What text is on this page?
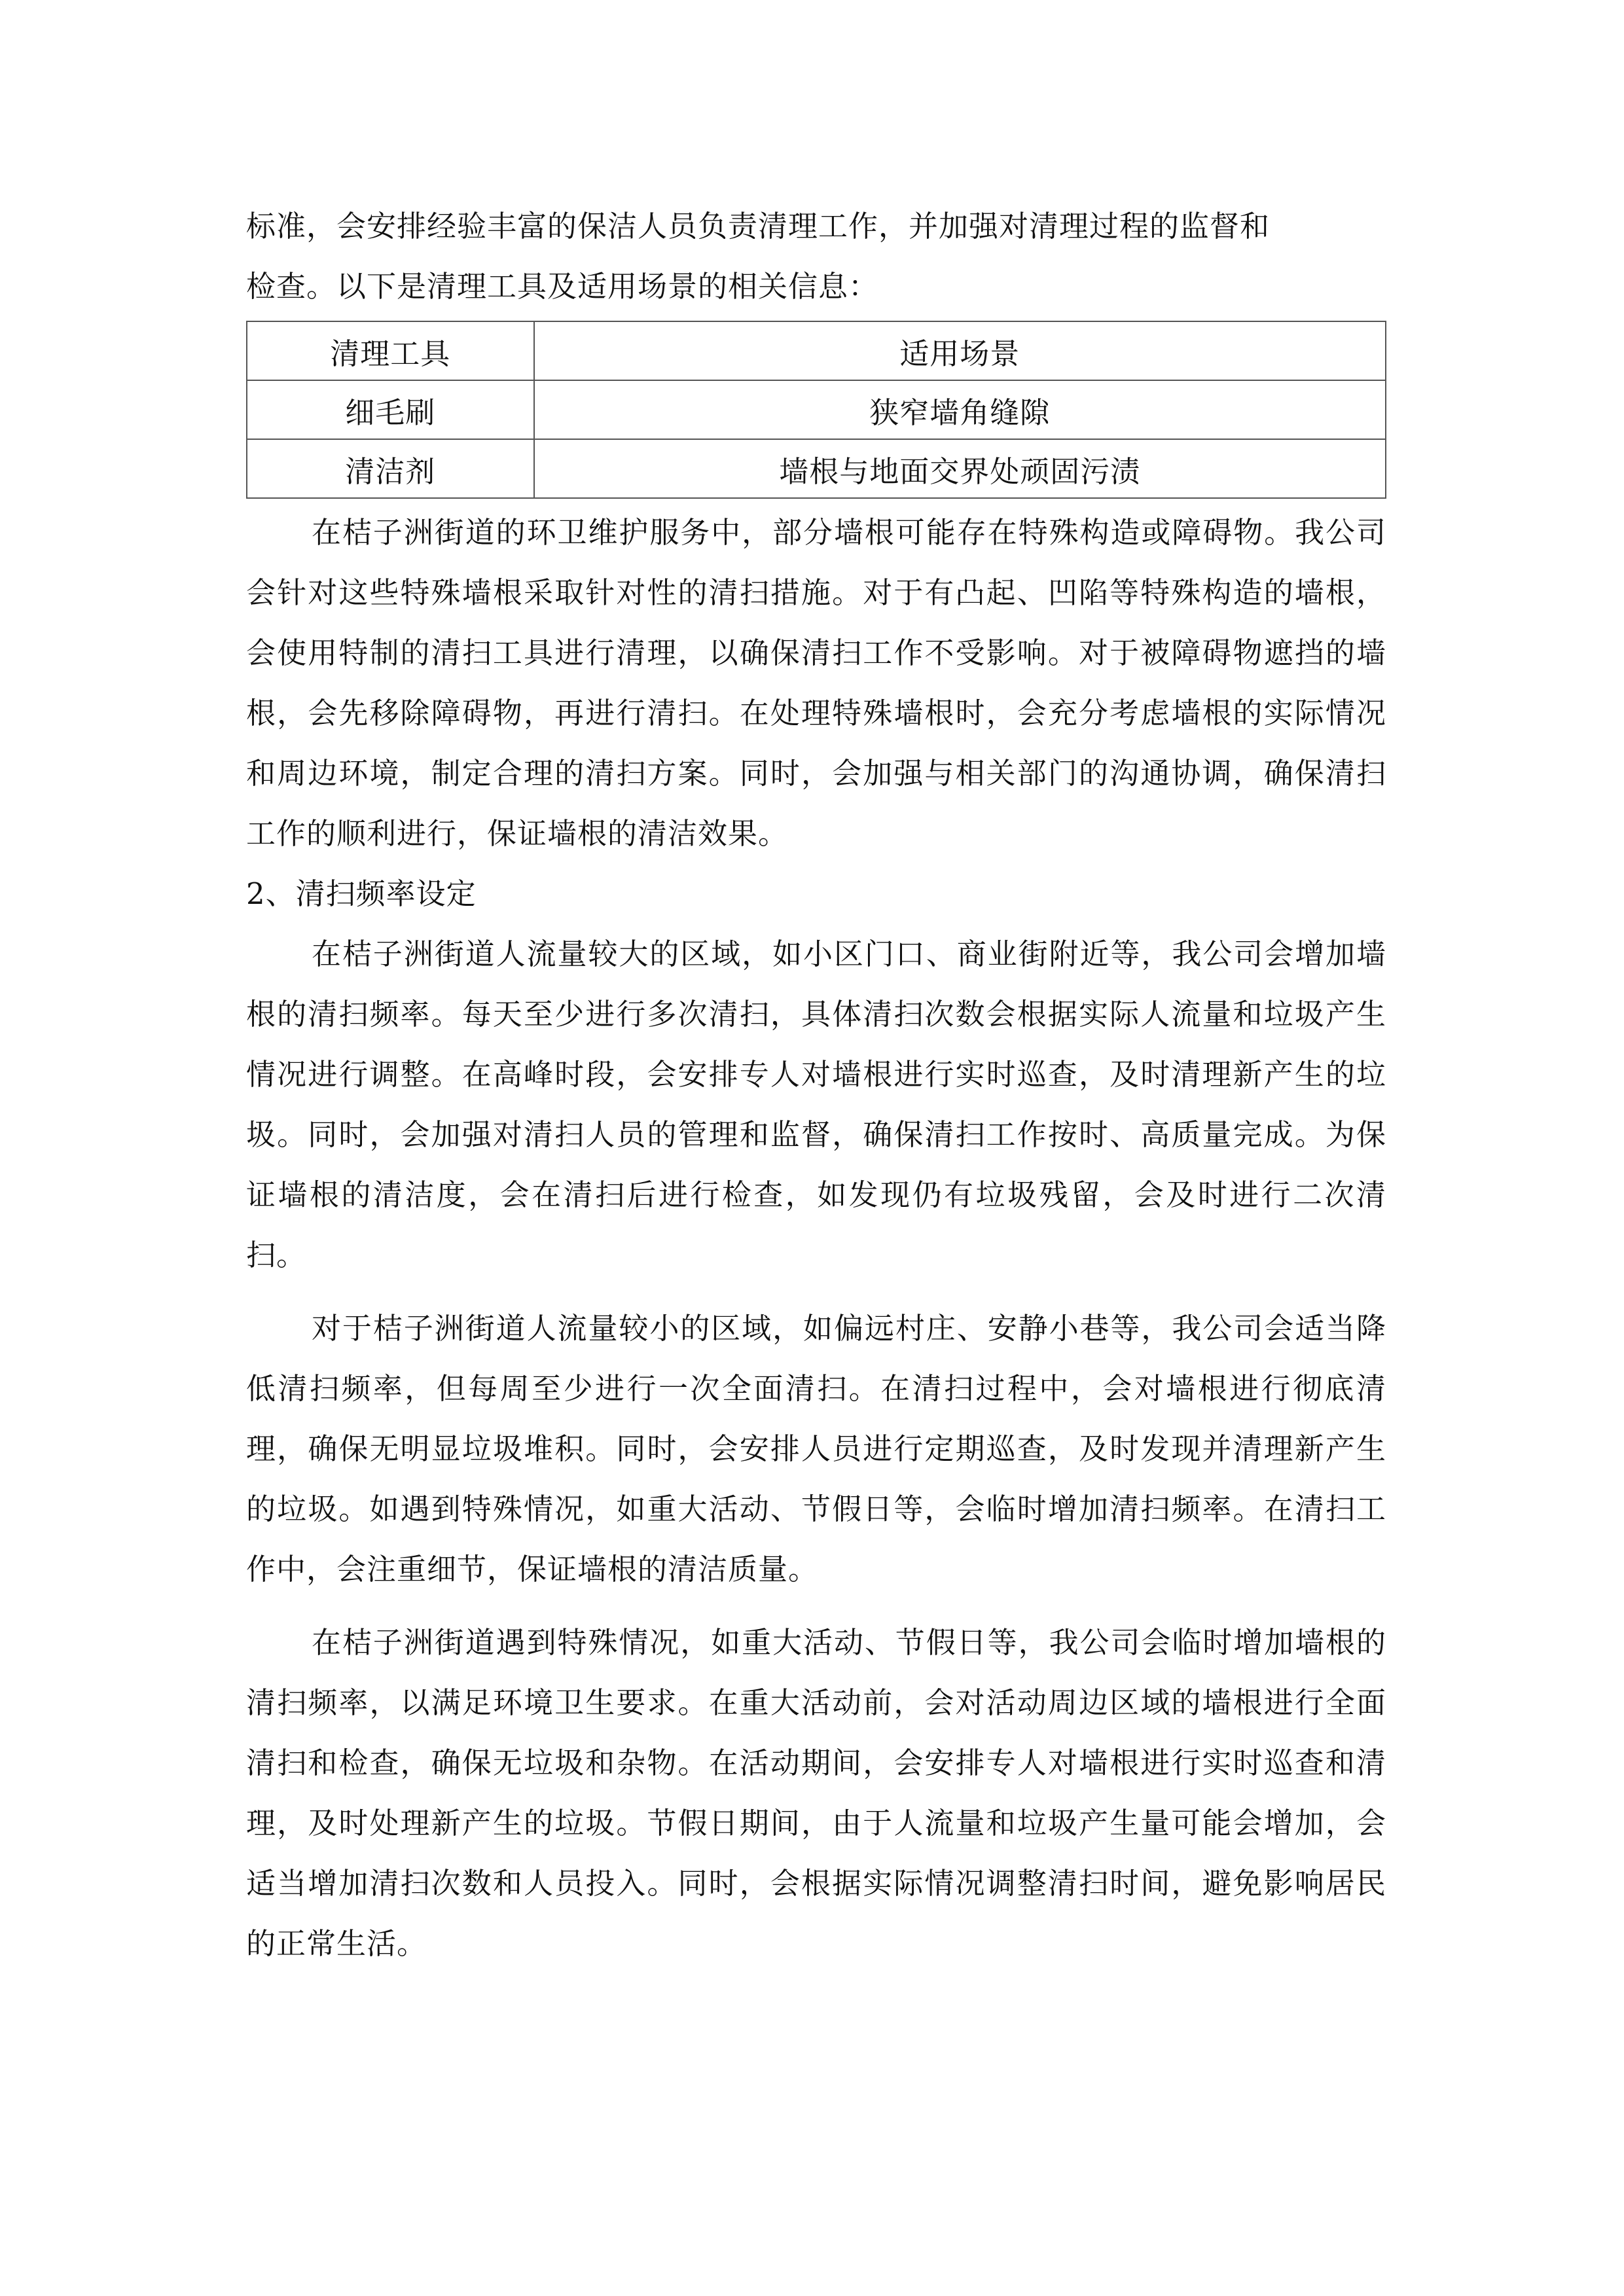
标准，会安排经验丰富的保洁人员负责清理工作，并加强对清理过程的监督和
检查。以下是清理工具及适用场景的相关信息：

清理工具	适用场景
细毛刷	狭窄墙角缝隙
清洁剂	墙根与地面交界处顽固污渍

在桔子洲街道的环卫维护服务中，部分墙根可能存在特殊构造或障碍物。我公司会针对这些特殊墙根采取针对性的清扫措施。对于有凸起、凹陷等特殊构造的墙根，会使用特制的清扫工具进行清理，以确保清扫工作不受影响。对于被障碍物遮挡的墙根，会先移除障碍物，再进行清扫。在处理特殊墙根时，会充分考虑墙根的实际情况和周边环境，制定合理的清扫方案。同时，会加强与相关部门的沟通协调，确保清扫工作的顺利进行，保证墙根的清洁效果。

2、清扫频率设定

在桔子洲街道人流量较大的区域，如小区门口、商业街附近等，我公司会增加墙根的清扫频率。每天至少进行多次清扫，具体清扫次数会根据实际人流量和垃圾产生情况进行调整。在高峰时段，会安排专人对墙根进行实时巡查，及时清理新产生的垃圾。同时，会加强对清扫人员的管理和监督，确保清扫工作按时、高质量完成。为保证墙根的清洁度，会在清扫后进行检查，如发现仍有垃圾残留，会及时进行二次清扫。

对于桔子洲街道人流量较小的区域，如偏远村庄、安静小巷等，我公司会适当降低清扫频率，但每周至少进行一次全面清扫。在清扫过程中，会对墙根进行彻底清理，确保无明显垃圾堆积。同时，会安排人员进行定期巡查，及时发现并清理新产生的垃圾。如遇到特殊情况，如重大活动、节假日等，会临时增加清扫频率。在清扫工作中，会注重细节，保证墙根的清洁质量。

在桔子洲街道遇到特殊情况，如重大活动、节假日等，我公司会临时增加墙根的清扫频率，以满足环境卫生要求。在重大活动前，会对活动周边区域的墙根进行全面清扫和检查，确保无垃圾和杂物。在活动期间，会安排专人对墙根进行实时巡查和清理，及时处理新产生的垃圾。节假日期间，由于人流量和垃圾产生量可能会增加，会适当增加清扫次数和人员投入。同时，会根据实际情况调整清扫时间，避免影响居民的正常生活。
